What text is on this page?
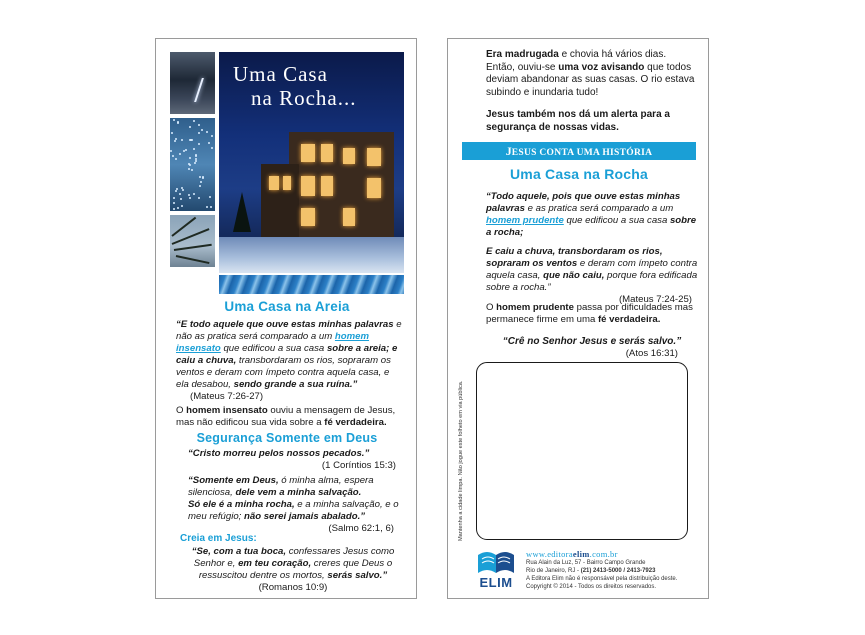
Uma Casa
na Rocha...
Uma Casa na Areia
“E todo aquele que ouve estas minhas palavras e não as pratica será comparado a um homem insensato que edificou a sua casa sobre a areia; e caiu a chuva, transbordaram os rios, sopraram os ventos e deram com ímpeto contra aquela casa, e ela desabou, sendo grande a sua ruína.” (Mateus 7:26-27)
O homem insensato ouviu a mensagem de Jesus, mas não edificou sua vida sobre a fé verdadeira.
Segurança Somente em Deus
“Cristo morreu pelos nossos pecados.”
(1 Coríntios 15:3)
“Somente em Deus, ó minha alma, espera silenciosa, dele vem a minha salvação.
Só ele é a minha rocha, e a minha salvação, e o meu refúgio; não serei jamais abalado.”
(Salmo 62:1, 6)
Creia em Jesus:
“Se, com a tua boca, confessares Jesus como Senhor e, em teu coração, creres que Deus o ressuscitou dentre os mortos, serás salvo.” (Romanos 10:9)
Era madrugada e chovia há vários dias. Então, ouviu-se uma voz avisando que todos deviam abandonar as suas casas. O rio estava subindo e inundaria tudo!
Jesus também nos dá um alerta para a segurança de nossas vidas.
JESUS CONTA UMA HISTÓRIA
Uma Casa na Rocha
“Todo aquele, pois que ouve estas minhas palavras e as pratica será comparado a um homem prudente que edificou a sua casa sobre a rocha;
E caiu a chuva, transbordaram os rios, sopraram os ventos e deram com ímpeto contra aquela casa, que não caiu, porque fora edificada sobre a rocha.”
(Mateus 7:24-25)
O homem prudente passa por dificuldades mas permanece firme em uma fé verdadeira.
“Crê no Senhor Jesus e serás salvo.”
(Atos 16:31)
Mantenha a cidade limpa. Não jogue este folheto em via pública.
ELIM
www.editoraelim.com.br
Rua Alain da Luz, 57 - Bairro Campo Grande
Rio de Janeiro, RJ - (21) 2413-5000 / 2413-7923
A Editora Elim não é responsável pela distribuição deste.
Copyright © 2014 - Todos os direitos reservados.
